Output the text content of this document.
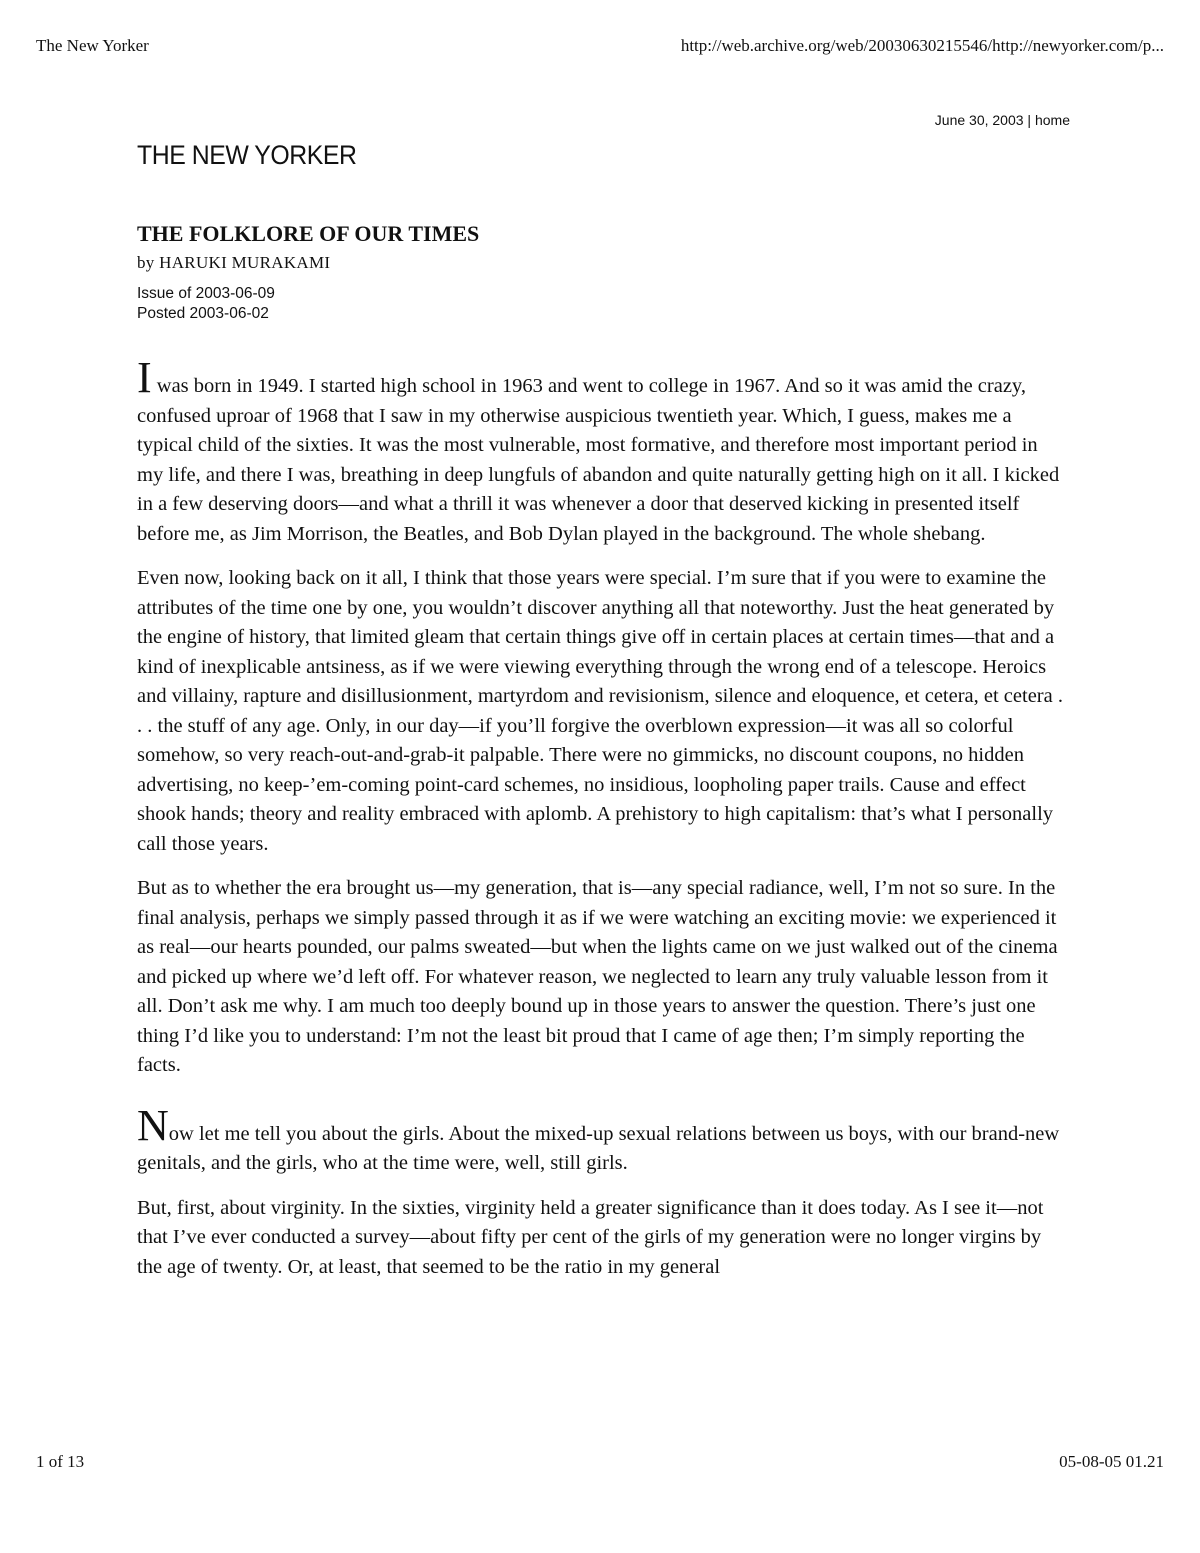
The New Yorker	http://web.archive.org/web/20030630215546/http://newyorker.com/p...
June 30, 2003 | home
THE NEW YORKER
THE FOLKLORE OF OUR TIMES
by HARUKI MURAKAMI
Issue of 2003-06-09
Posted 2003-06-02

I was born in 1949. I started high school in 1963 and went to college in 1967. And so it was amid the crazy, confused uproar of 1968 that I saw in my otherwise auspicious twentieth year. Which, I guess, makes me a typical child of the sixties. It was the most vulnerable, most formative, and therefore most important period in my life, and there I was, breathing in deep lungfuls of abandon and quite naturally getting high on it all. I kicked in a few deserving doors—and what a thrill it was whenever a door that deserved kicking in presented itself before me, as Jim Morrison, the Beatles, and Bob Dylan played in the background. The whole shebang.

Even now, looking back on it all, I think that those years were special. I’m sure that if you were to examine the attributes of the time one by one, you wouldn’t discover anything all that noteworthy. Just the heat generated by the engine of history, that limited gleam that certain things give off in certain places at certain times—that and a kind of inexplicable antsiness, as if we were viewing everything through the wrong end of a telescope. Heroics and villainy, rapture and disillusionment, martyrdom and revisionism, silence and eloquence, et cetera, et cetera . . . the stuff of any age. Only, in our day—if you’ll forgive the overblown expression—it was all so colorful somehow, so very reach-out-and-grab-it palpable. There were no gimmicks, no discount coupons, no hidden advertising, no keep-’em-coming point-card schemes, no insidious, loopholing paper trails. Cause and effect shook hands; theory and reality embraced with aplomb. A prehistory to high capitalism: that’s what I personally call those years.

But as to whether the era brought us—my generation, that is—any special radiance, well, I’m not so sure. In the final analysis, perhaps we simply passed through it as if we were watching an exciting movie: we experienced it as real—our hearts pounded, our palms sweated—but when the lights came on we just walked out of the cinema and picked up where we’d left off. For whatever reason, we neglected to learn any truly valuable lesson from it all. Don’t ask me why. I am much too deeply bound up in those years to answer the question. There’s just one thing I’d like you to understand: I’m not the least bit proud that I came of age then; I’m simply reporting the facts.

Now let me tell you about the girls. About the mixed-up sexual relations between us boys, with our brand-new genitals, and the girls, who at the time were, well, still girls.

But, first, about virginity. In the sixties, virginity held a greater significance than it does today. As I see it—not that I’ve ever conducted a survey—about fifty per cent of the girls of my generation were no longer virgins by the age of twenty. Or, at least, that seemed to be the ratio in my general

1 of 13	05-08-05 01.21
